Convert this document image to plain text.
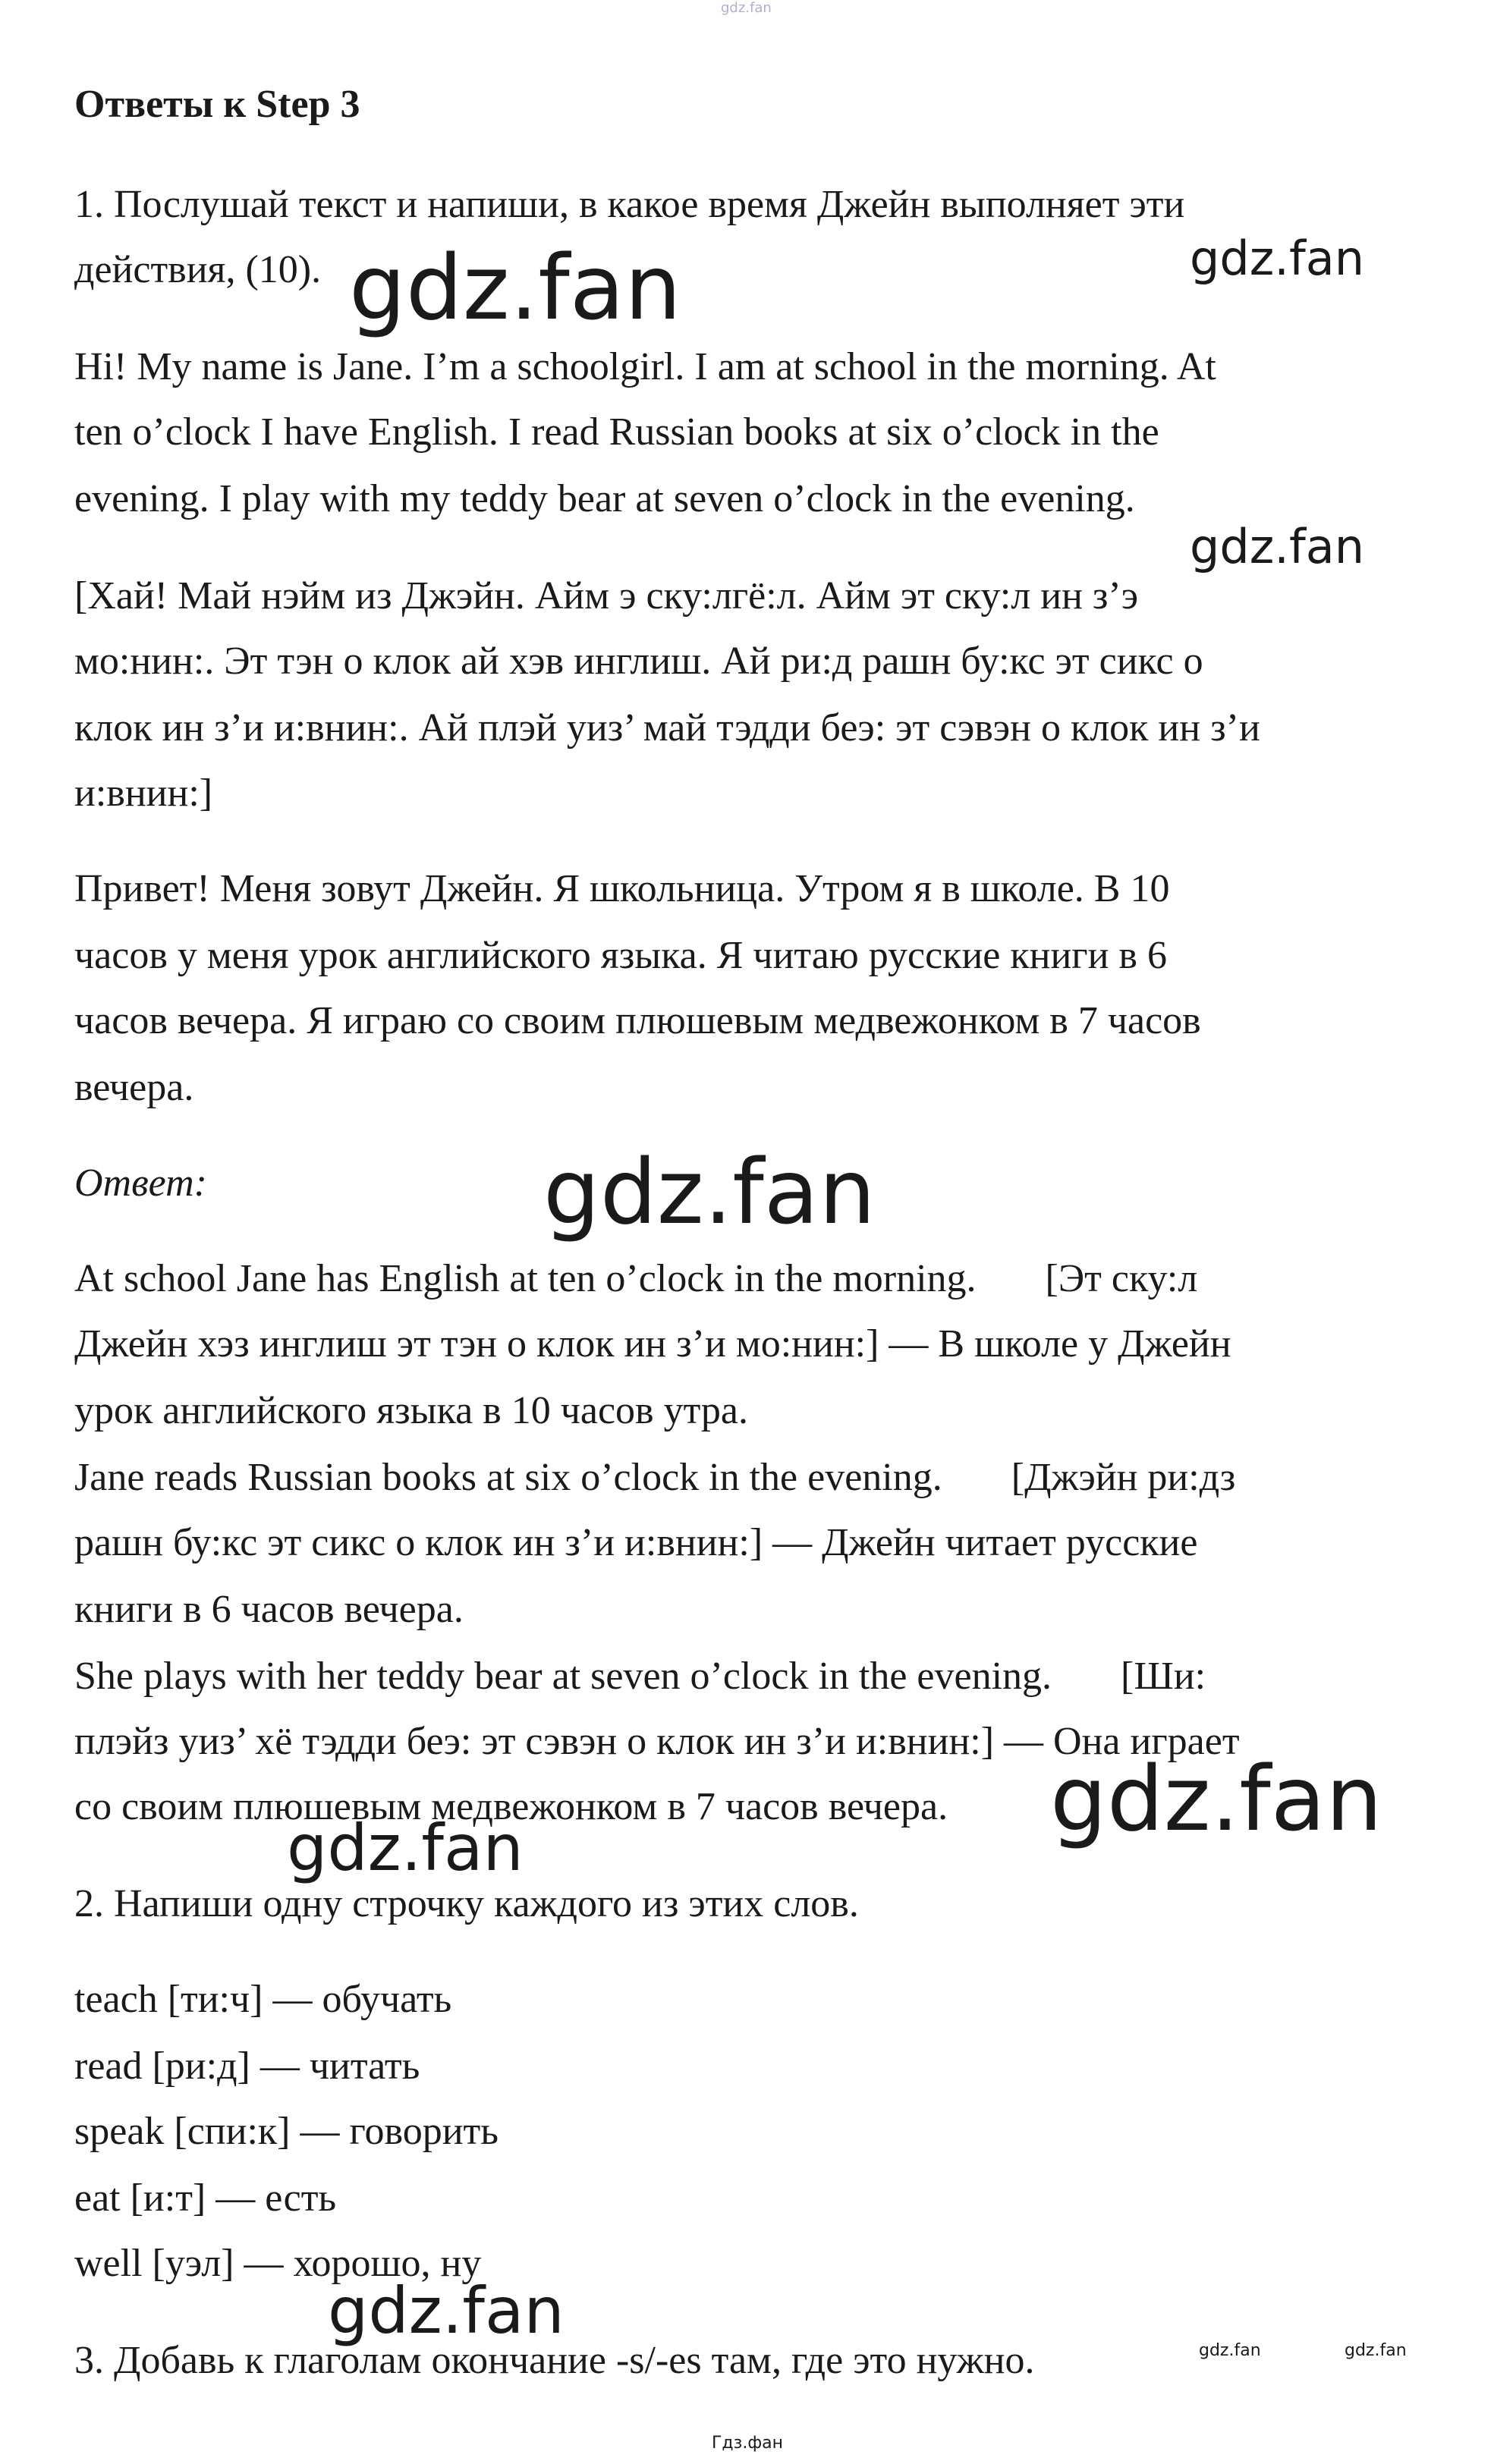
gdz.fan
Ответы к Step 3
1. Послушай текст и напиши, в какое время Джейн выполняет эти
действия, (10).
Hi! My name is Jane. I’m a schoolgirl. I am at school in the morning. At
ten o’clock I have English. I read Russian books at six o’clock in the
evening. I play with my teddy bear at seven o’clock in the evening.
[Хай! Май нэйм из Джэйн. Айм э ску:лгё:л. Айм эт ску:л ин з’э
мо:нин:. Эт тэн о клок ай хэв инглиш. Ай ри:д рашн бу:кс эт сикс о
клок ин з’и и:внин:. Ай плэй уиз’ май тэдди беэ: эт сэвэн о клок ин з’и
и:внин:]
Привет! Меня зовут Джейн. Я школьница. Утром я в школе. В 10
часов у меня урок английского языка. Я читаю русские книги в 6
часов вечера. Я играю со своим плюшевым медвежонком в 7 часов
вечера.
Ответ:
At school Jane has English at ten o’clock in the morning.       [Эт ску:л
Джейн хэз инглиш эт тэн о клок ин з’и мо:нин:] — В школе у Джейн
урок английского языка в 10 часов утра.
Jane reads Russian books at six o’clock in the evening.       [Джэйн ри:дз
рашн бу:кс эт сикс о клок ин з’и и:внин:] — Джейн читает русские
книги в 6 часов вечера.
She plays with her teddy bear at seven o’clock in the evening.       [Ши:
плэйз уиз’ хё тэдди беэ: эт сэвэн о клок ин з’и и:внин:] — Она играет
со своим плюшевым медвежонком в 7 часов вечера.
2. Напиши одну строчку каждого из этих слов.
teach [ти:ч] — обучать
read [ри:д] — читать
speak [спи:к] — говорить
eat [и:т] — есть
well [уэл] — хорошо, ну
3. Добавь к глаголам окончание -s/-es там, где это нужно.
gdz.fan	gdz.fan
gdz.fan
gdz.fan
gdz.fan
gdz.fan
gdz.fan
gdz.fan	gdz.fan
Гдз.фан
